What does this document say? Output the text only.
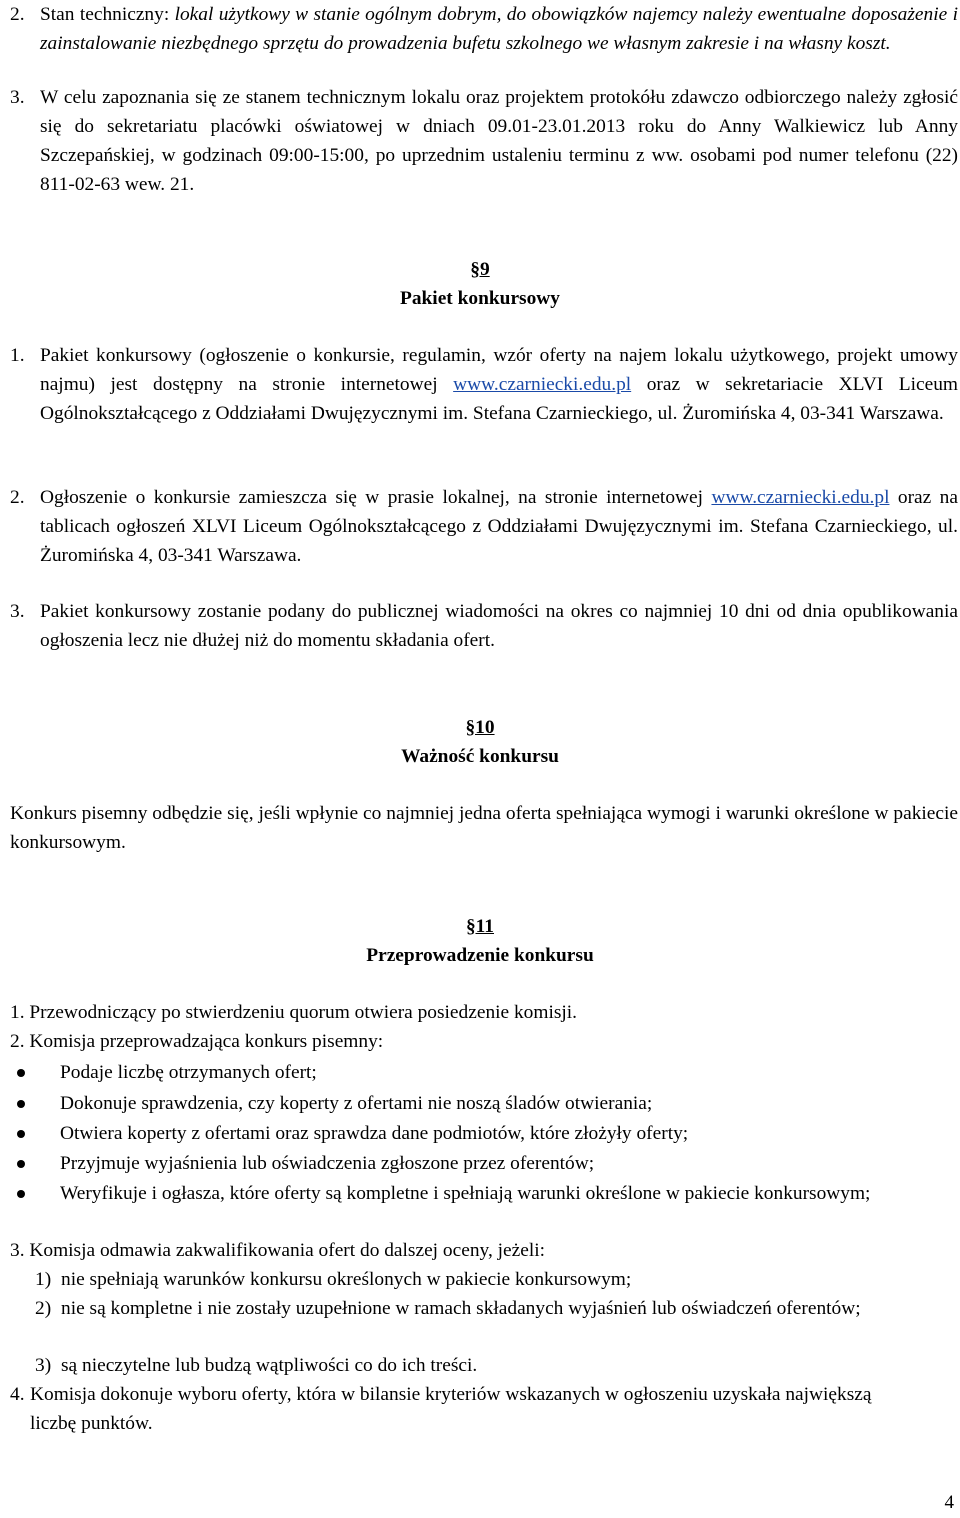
2. Stan techniczny: lokal użytkowy w stanie ogólnym dobrym, do obowiązków najemcy należy ewentualne doposażenie i zainstalowanie niezbędnego sprzętu do prowadzenia bufetu szkolnego we własnym zakresie i na własny koszt.
3. W celu zapoznania się ze stanem technicznym lokalu oraz projektem protokółu zdawczo odbiorczego należy zgłosić się do sekretariatu placówki oświatowej w dniach 09.01-23.01.2013 roku do Anny Walkiewicz lub Anny Szczepańskiej, w godzinach 09:00-15:00, po uprzednim ustaleniu terminu z ww. osobami pod numer telefonu (22) 811-02-63 wew. 21.
§9
Pakiet konkursowy
1. Pakiet konkursowy (ogłoszenie o konkursie, regulamin, wzór oferty na najem lokalu użytkowego, projekt umowy najmu) jest dostępny na stronie internetowej www.czarniecki.edu.pl oraz w sekretariacie XLVI Liceum Ogólnokształcącego z Oddziałami Dwujęzycznymi im. Stefana Czarnieckiego, ul. Żuromińska 4, 03-341 Warszawa.
2. Ogłoszenie o konkursie zamieszcza się w prasie lokalnej, na stronie internetowej www.czarniecki.edu.pl oraz na tablicach ogłoszeń XLVI Liceum Ogólnokształcącego z Oddziałami Dwujęzycznymi im. Stefana Czarnieckiego, ul. Żuromińska 4, 03-341 Warszawa.
3. Pakiet konkursowy zostanie podany do publicznej wiadomości na okres co najmniej 10 dni od dnia opublikowania ogłoszenia lecz nie dłużej niż do momentu składania ofert.
§10
Ważność konkursu
Konkurs pisemny odbędzie się, jeśli wpłynie co najmniej jedna oferta spełniająca wymogi i warunki określone w pakiecie konkursowym.
§11
Przeprowadzenie konkursu
1. Przewodniczący po stwierdzeniu quorum otwiera posiedzenie komisji.
2. Komisja przeprowadzająca konkurs pisemny:
Podaje liczbę otrzymanych ofert;
Dokonuje sprawdzenia, czy koperty z ofertami nie noszą śladów otwierania;
Otwiera koperty z ofertami oraz sprawdza dane podmiotów, które złożyły oferty;
Przyjmuje wyjaśnienia lub oświadczenia zgłoszone przez oferentów;
Weryfikuje i ogłasza, które oferty są kompletne i spełniają warunki określone w pakiecie konkursowym;
3. Komisja odmawia zakwalifikowania ofert do dalszej oceny, jeżeli:
1) nie spełniają warunków konkursu określonych w pakiecie konkursowym;
2) nie są kompletne i nie zostały uzupełnione w ramach składanych wyjaśnień lub oświadczeń oferentów;
3) są nieczytelne lub budzą wątpliwości co do ich treści.
4. Komisja dokonuje wyboru oferty, która w bilansie kryteriów wskazanych w ogłoszeniu uzyskała największą liczbę punktów.
4
